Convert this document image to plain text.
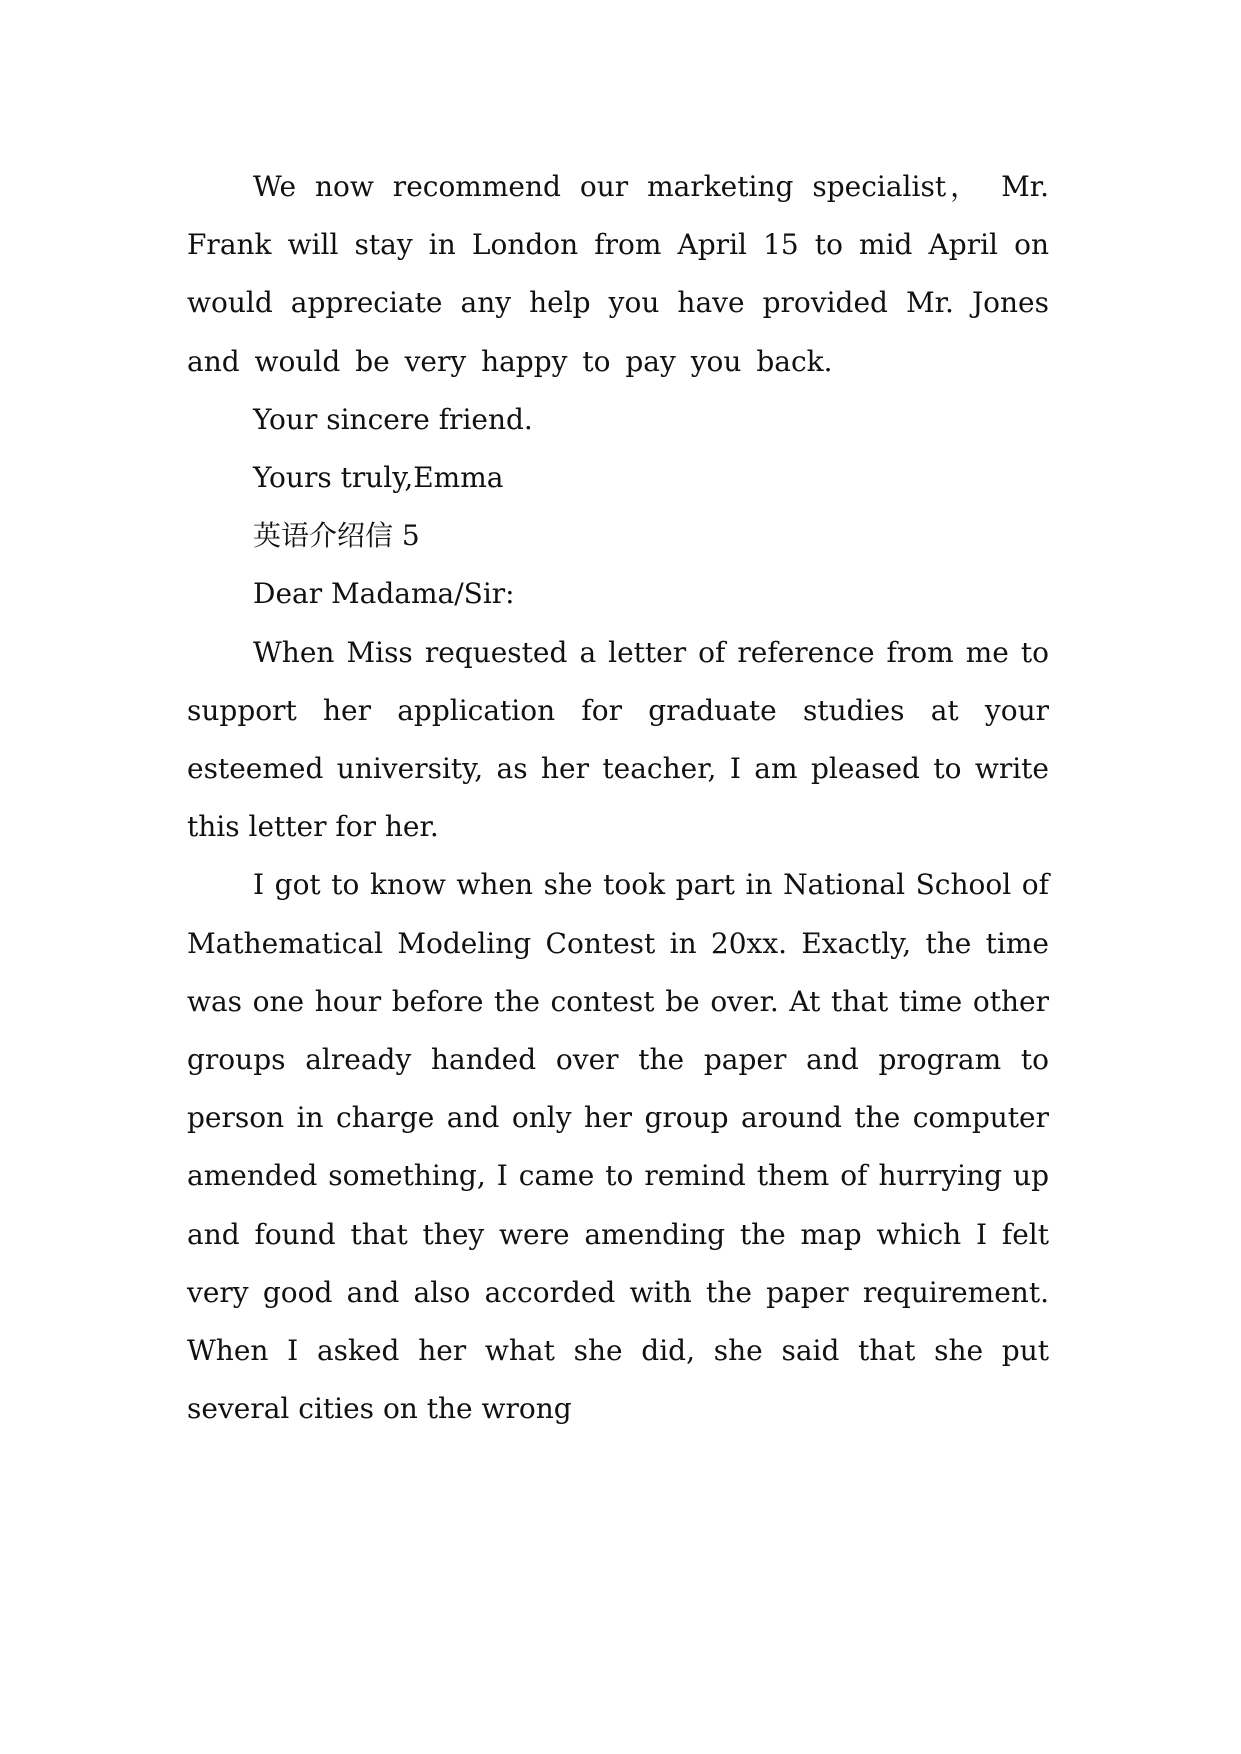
We now recommend our marketing specialist， Mr. Frank will stay in London from April 15 to mid April on would appreciate any help you have provided Mr. Jones and would be very happy to pay you back.

Your sincere friend.

Yours truly,Emma

英语介绍信 5

Dear Madama/Sir:

When Miss requested a letter of reference from me to support her application for graduate studies at your esteemed university, as her teacher, I am pleased to write this letter for her.

I got to know when she took part in National School of Mathematical Modeling Contest in 20xx. Exactly, the time was one hour before the contest be over. At that time other groups already handed over the paper and program to person in charge and only her group around the computer amended something, I came to remind them of hurrying up and found that they were amending the map which I felt very good and also accorded with the paper requirement. When I asked her what she did, she said that she put several cities on the wrong
